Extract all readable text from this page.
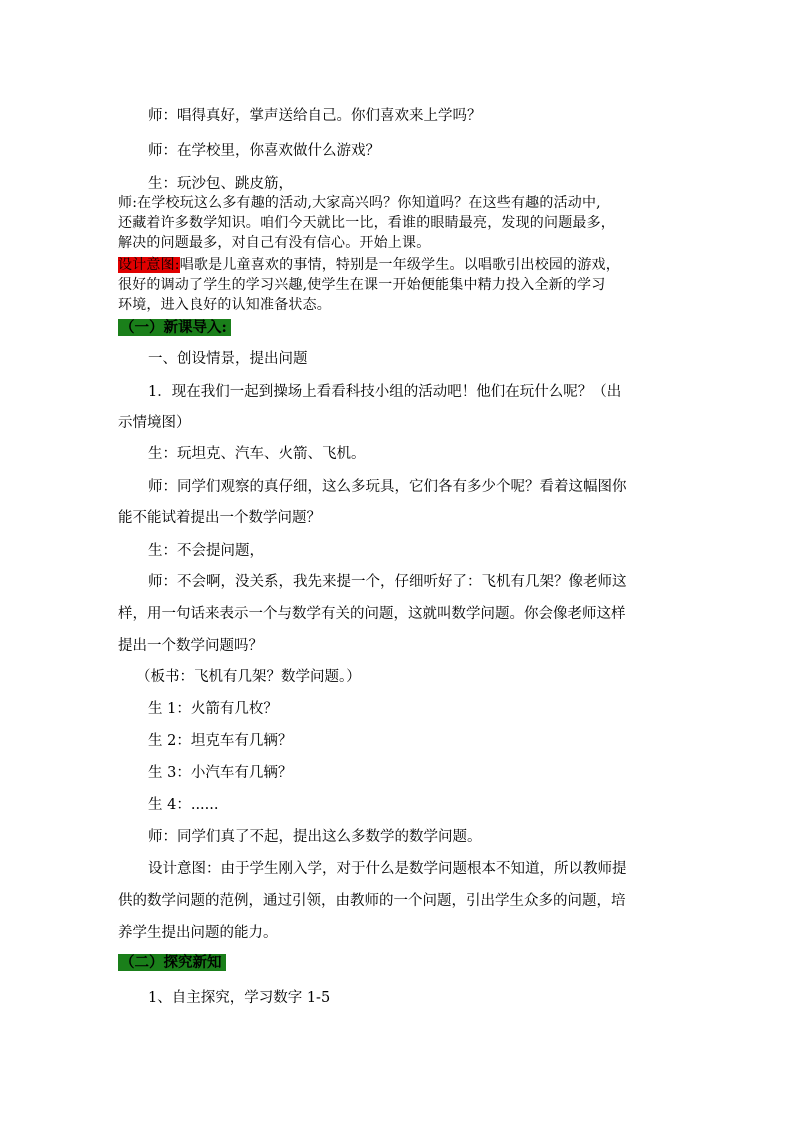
师：唱得真好，掌声送给自己。你们喜欢来上学吗？
师：在学校里，你喜欢做什么游戏？
生：玩沙包、跳皮筋，
师:在学校玩这么多有趣的活动,大家高兴吗？你知道吗？在这些有趣的活动中,
还藏着许多数学知识。咱们今天就比一比，看谁的眼睛最亮，发现的问题最多，
解决的问题最多，对自己有没有信心。开始上课。
设计意图:唱歌是儿童喜欢的事情，特别是一年级学生。以唱歌引出校园的游戏，
很好的调动了学生的学习兴趣,使学生在课一开始便能集中精力投入全新的学习
环境，进入良好的认知准备状态。
（一）新课导入:
一、创设情景，提出问题
1．现在我们一起到操场上看看科技小组的活动吧！他们在玩什么呢？（出
示情境图）
生：玩坦克、汽车、火箭、飞机。
师：同学们观察的真仔细，这么多玩具，它们各有多少个呢？看着这幅图你
能不能试着提出一个数学问题？
生：不会提问题，
师：不会啊，没关系，我先来提一个，仔细听好了：飞机有几架？像老师这
样，用一句话来表示一个与数学有关的问题，这就叫数学问题。你会像老师这样
提出一个数学问题吗？
（板书：飞机有几架？数学问题。）
生 1：火箭有几枚？
生 2：坦克车有几辆？
生 3：小汽车有几辆？
生 4：......
师：同学们真了不起，提出这么多数学的数学问题。
设计意图：由于学生刚入学，对于什么是数学问题根本不知道，所以教师提
供的数学问题的范例，通过引领，由教师的一个问题，引出学生众多的问题，培
养学生提出问题的能力。
（二）探究新知
1、自主探究，学习数字 1-5
